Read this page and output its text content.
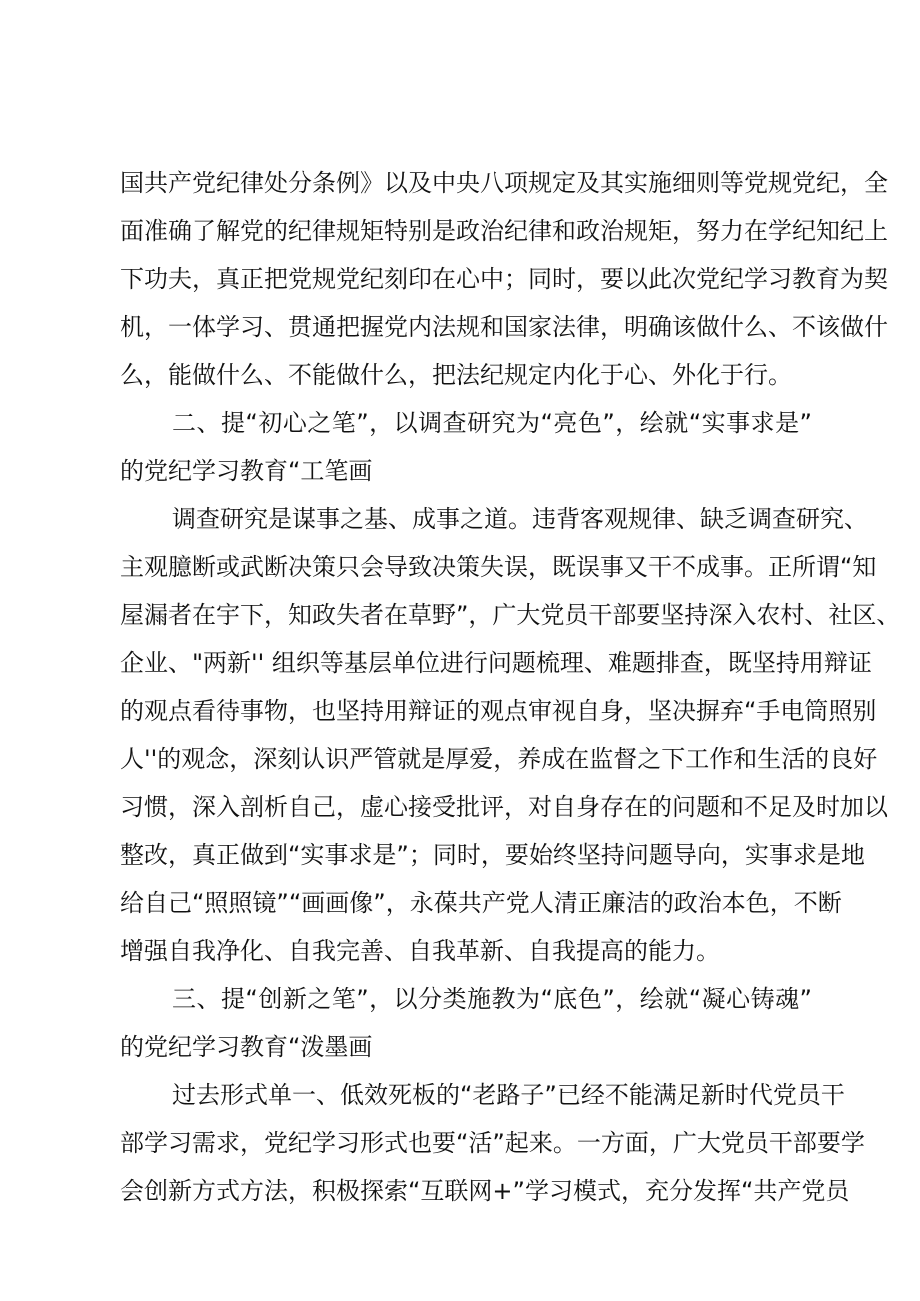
国共产党纪律处分条例》以及中央八项规定及其实施细则等党规党纪，全
面准确了解党的纪律规矩特别是政治纪律和政治规矩，努力在学纪知纪上
下功夫，真正把党规党纪刻印在心中；同时，要以此次党纪学习教育为契
机，一体学习、贯通把握党内法规和国家法律，明确该做什么、不该做什
么，能做什么、不能做什么，把法纪规定内化于心、外化于行。
二、提“初心之笔”，以调查研究为“亮色”，绘就“实事求是”
的党纪学习教育“工笔画
调查研究是谋事之基、成事之道。违背客观规律、缺乏调查研究、
主观臆断或武断决策只会导致决策失误，既误事又干不成事。正所谓“知
屋漏者在宇下，知政失者在草野”，广大党员干部要坚持深入农村、社区、
企业、"两新'' 组织等基层单位进行问题梳理、难题排查，既坚持用辩证
的观点看待事物，也坚持用辩证的观点审视自身，坚决摒弃“手电筒照别
人''的观念，深刻认识严管就是厚爱，养成在监督之下工作和生活的良好
习惯，深入剖析自己，虚心接受批评，对自身存在的问题和不足及时加以
整改，真正做到“实事求是”；同时，要始终坚持问题导向，实事求是地
给自己“照照镜”“画画像”，永葆共产党人清正廉洁的政治本色，不断
增强自我净化、自我完善、自我革新、自我提高的能力。
三、提“创新之笔”，以分类施教为“底色”，绘就“凝心铸魂”
的党纪学习教育“泼墨画
过去形式单一、低效死板的“老路子”已经不能满足新时代党员干
部学习需求，党纪学习形式也要“活”起来。一方面，广大党员干部要学
会创新方式方法，积极探索“互联网+”学习模式，充分发挥“共产党员
